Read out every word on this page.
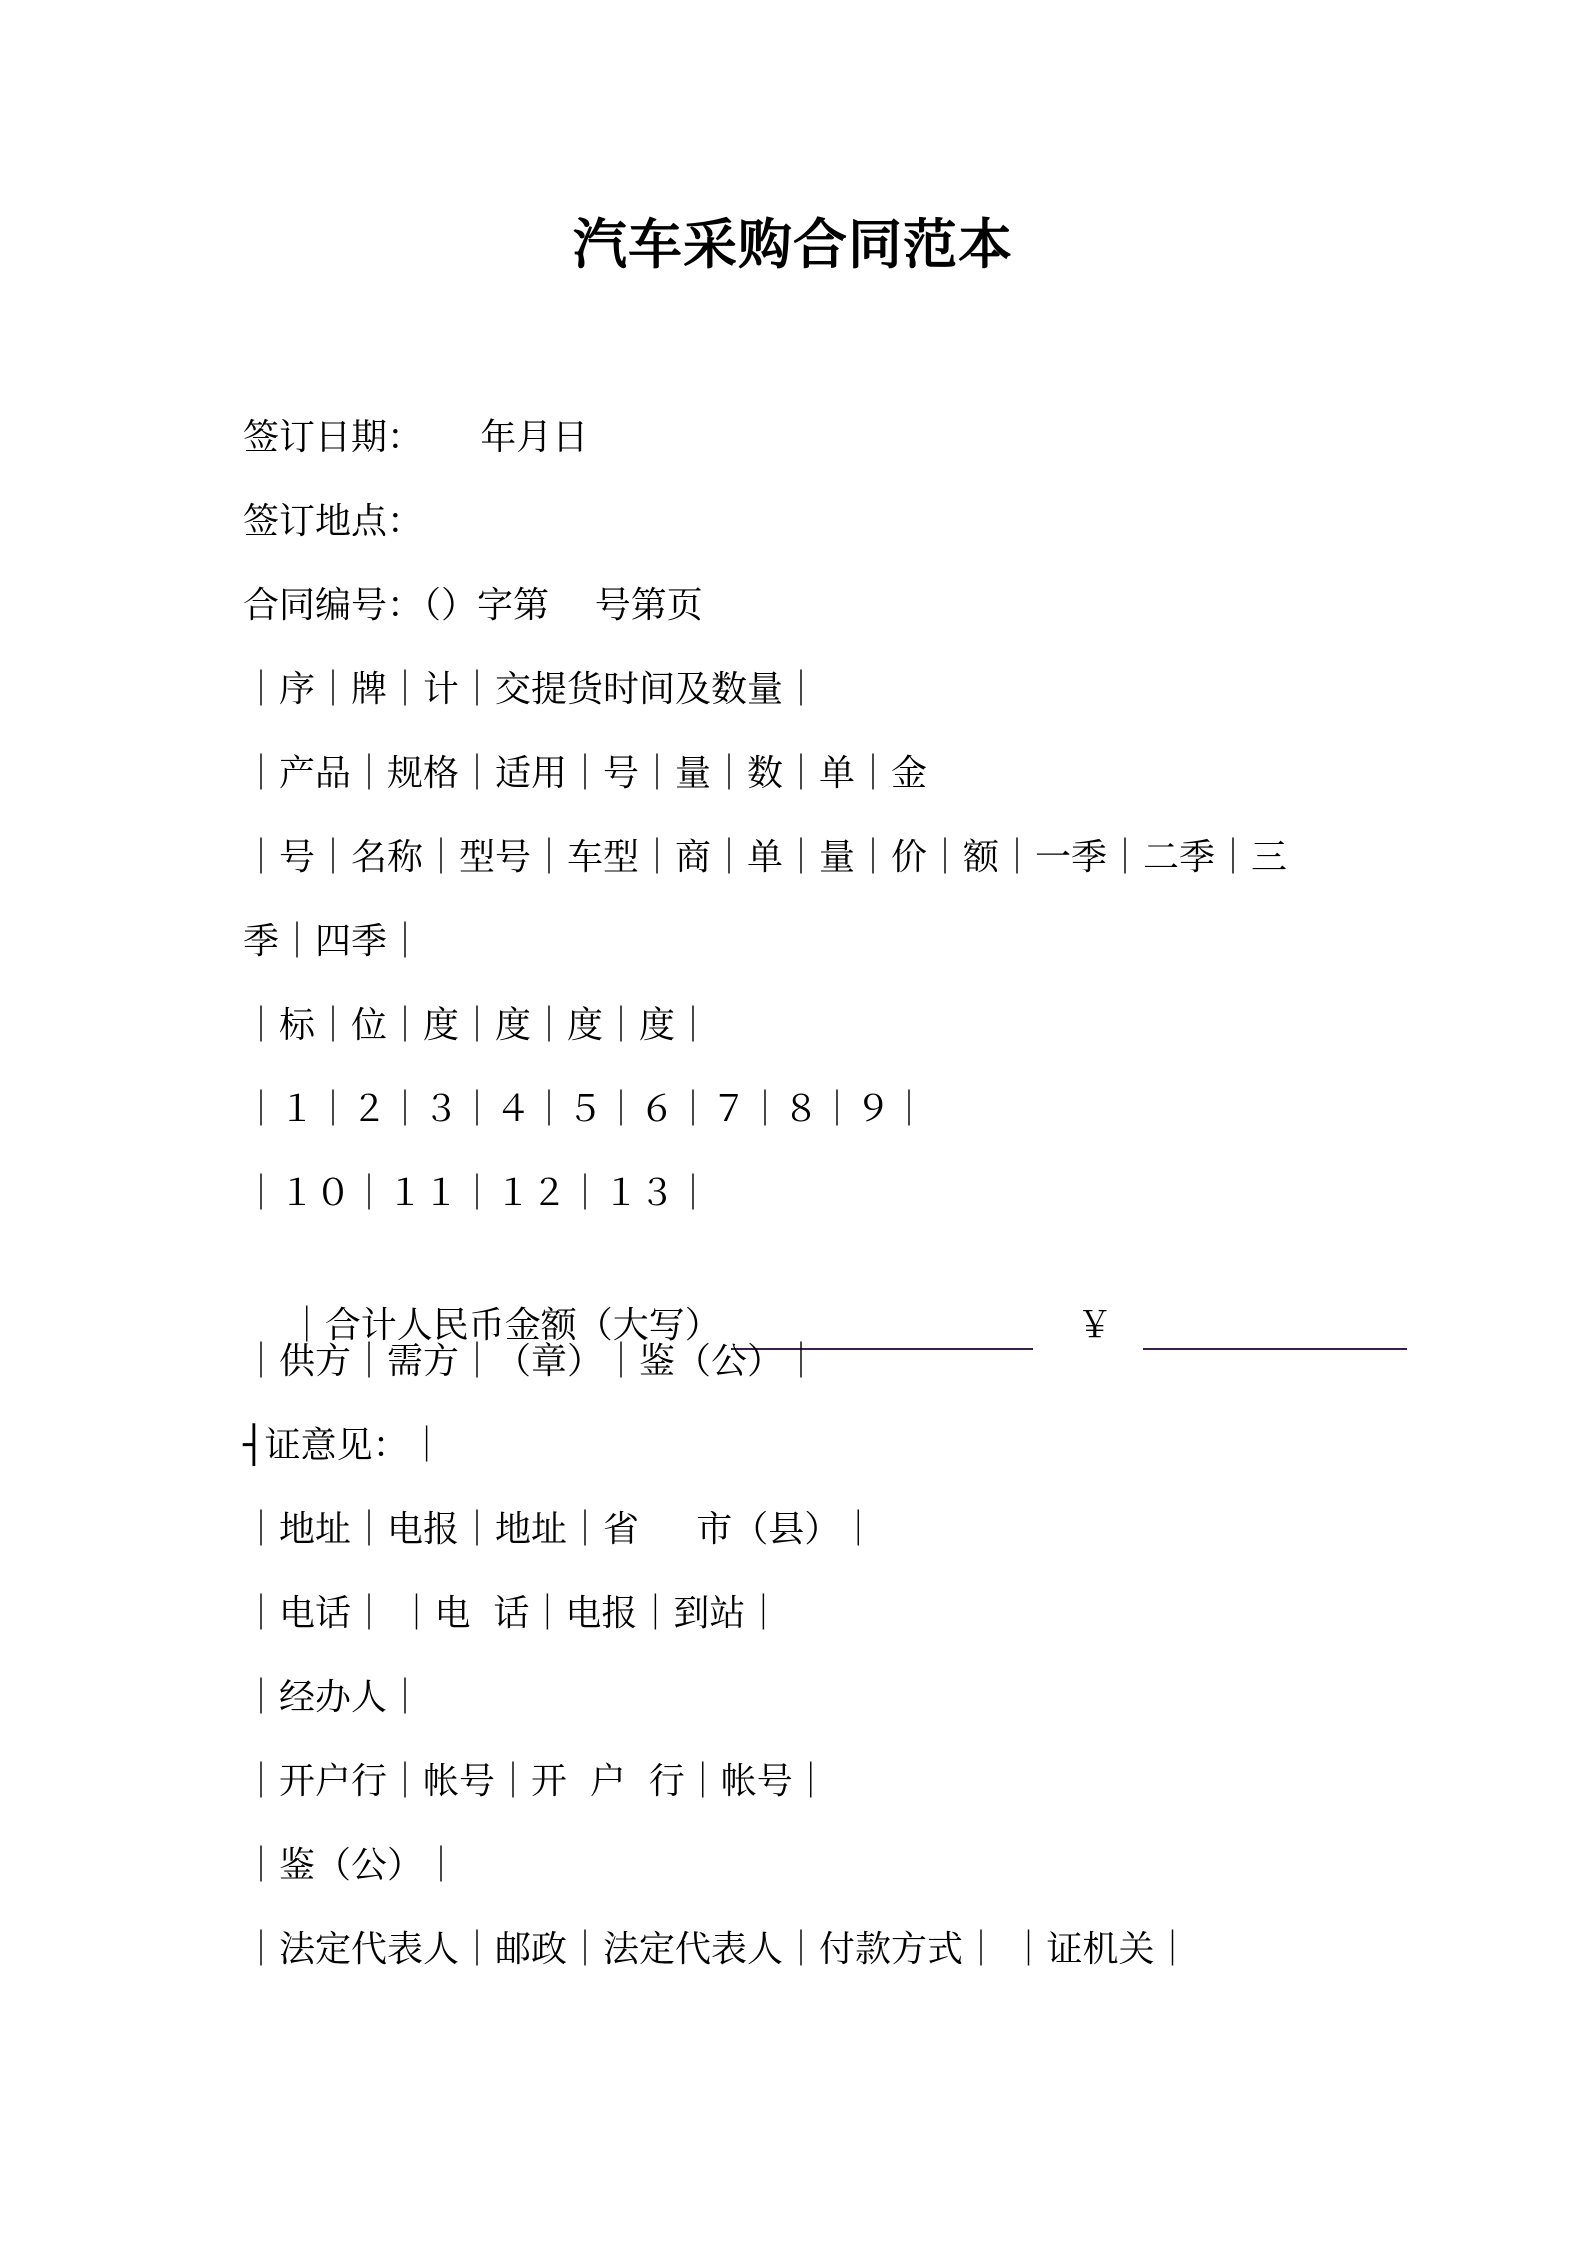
汽车采购合同范本
签订日期：     年月日
签订地点：
合同编号：（）字第    号第页
｜序｜牌｜计｜交提货时间及数量｜
｜产品｜规格｜适用｜号｜量｜数｜单｜金
｜号｜名称｜型号｜车型｜商｜单｜量｜价｜额｜一季｜二季｜三
季｜四季｜
｜标｜位｜度｜度｜度｜度｜
｜１｜２｜３｜４｜５｜６｜７｜８｜９｜
｜１０｜１１｜１２｜１３｜

｜合计人民币金额（大写）	￥

｜供方｜需方｜（章）｜鉴（公）｜
┤证意见：｜
｜地址｜电报｜地址｜省     市（县）｜
｜电话｜ ｜电  话｜电报｜到站｜
｜经办人｜
｜开户行｜帐号｜开  户  行｜帐号｜
｜鉴（公）｜
｜法定代表人｜邮政｜法定代表人｜付款方式｜ ｜证机关｜
